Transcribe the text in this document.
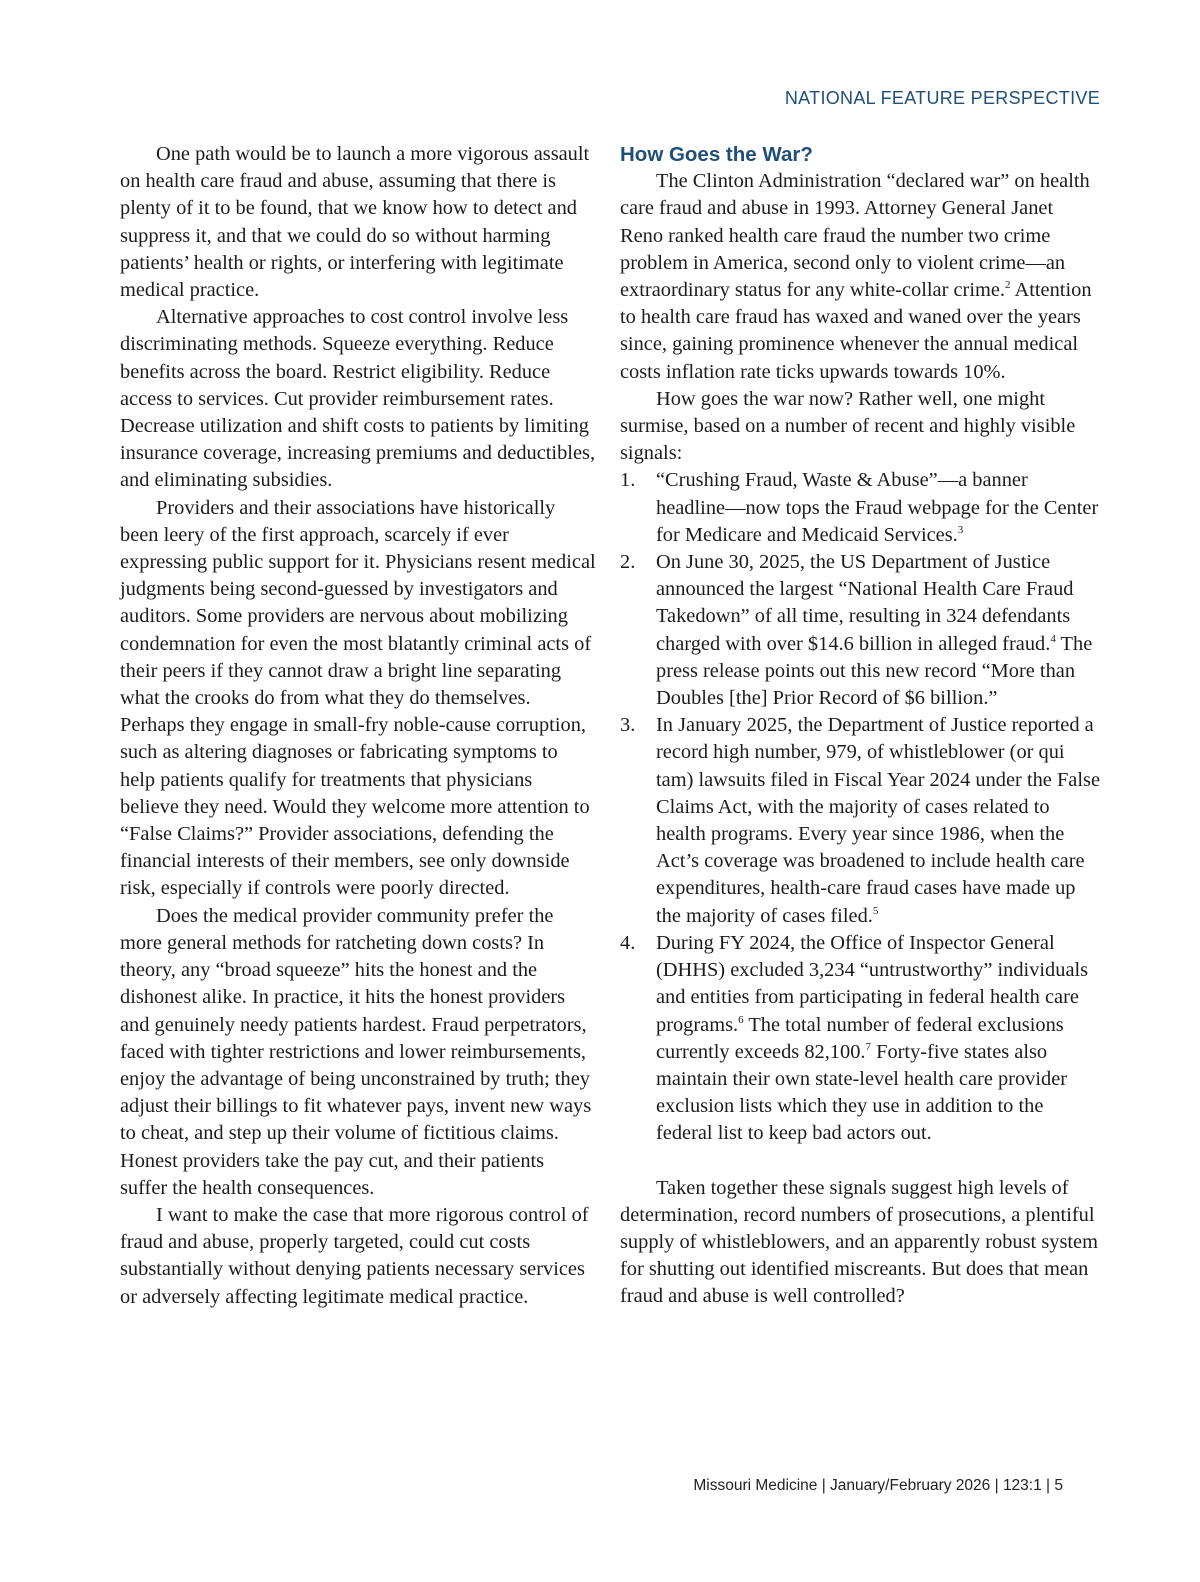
NATIONAL FEATURE PERSPECTIVE

One path would be to launch a more vigorous assault on health care fraud and abuse, assuming that there is plenty of it to be found, that we know how to detect and suppress it, and that we could do so without harming patients’ health or rights, or interfering with legitimate medical practice.

Alternative approaches to cost control involve less discriminating methods. Squeeze everything. Reduce benefits across the board. Restrict eligibility. Reduce access to services. Cut provider reimbursement rates. Decrease utilization and shift costs to patients by limiting insurance coverage, increasing premiums and deductibles, and eliminating subsidies.

Providers and their associations have historically been leery of the first approach, scarcely if ever expressing public support for it. Physicians resent medical judgments being second-guessed by investigators and auditors. Some providers are nervous about mobilizing condemnation for even the most blatantly criminal acts of their peers if they cannot draw a bright line separating what the crooks do from what they do themselves. Perhaps they engage in small-fry noble-cause corruption, such as altering diagnoses or fabricating symptoms to help patients qualify for treatments that physicians believe they need. Would they welcome more attention to “False Claims?” Provider associations, defending the financial interests of their members, see only downside risk, especially if controls were poorly directed.

Does the medical provider community prefer the more general methods for ratcheting down costs? In theory, any “broad squeeze” hits the honest and the dishonest alike. In practice, it hits the honest providers and genuinely needy patients hardest. Fraud perpetrators, faced with tighter restrictions and lower reimbursements, enjoy the advantage of being unconstrained by truth; they adjust their billings to fit whatever pays, invent new ways to cheat, and step up their volume of fictitious claims. Honest providers take the pay cut, and their patients suffer the health consequences.

I want to make the case that more rigorous control of fraud and abuse, properly targeted, could cut costs substantially without denying patients necessary services or adversely affecting legitimate medical practice.

How Goes the War?

The Clinton Administration “declared war” on health care fraud and abuse in 1993. Attorney General Janet Reno ranked health care fraud the number two crime problem in America, second only to violent crime—an extraordinary status for any white-collar crime.$^2$ Attention to health care fraud has waxed and waned over the years since, gaining prominence whenever the annual medical costs inflation rate ticks upwards towards 10%.

How goes the war now? Rather well, one might surmise, based on a number of recent and highly visible signals:

1. “Crushing Fraud, Waste & Abuse”—a banner headline—now tops the Fraud webpage for the Center for Medicare and Medicaid Services.$^3$
2. On June 30, 2025, the US Department of Justice announced the largest “National Health Care Fraud Takedown” of all time, resulting in 324 defendants charged with over $14.6 billion in alleged fraud.$^4$ The press release points out this new record “More than Doubles [the] Prior Record of $6 billion.”
3. In January 2025, the Department of Justice reported a record high number, 979, of whistleblower (or qui tam) lawsuits filed in Fiscal Year 2024 under the False Claims Act, with the majority of cases related to health programs. Every year since 1986, when the Act’s coverage was broadened to include health care expenditures, health-care fraud cases have made up the majority of cases filed.$^5$
4. During FY 2024, the Office of Inspector General (DHHS) excluded 3,234 “untrustworthy” individuals and entities from participating in federal health care programs.$^6$ The total number of federal exclusions currently exceeds 82,100.$^7$ Forty-five states also maintain their own state-level health care provider exclusion lists which they use in addition to the federal list to keep bad actors out.

Taken together these signals suggest high levels of determination, record numbers of prosecutions, a plentiful supply of whistleblowers, and an apparently robust system for shutting out identified miscreants. But does that mean fraud and abuse is well controlled?

Missouri Medicine | January/February 2026 | 123:1 | 5
